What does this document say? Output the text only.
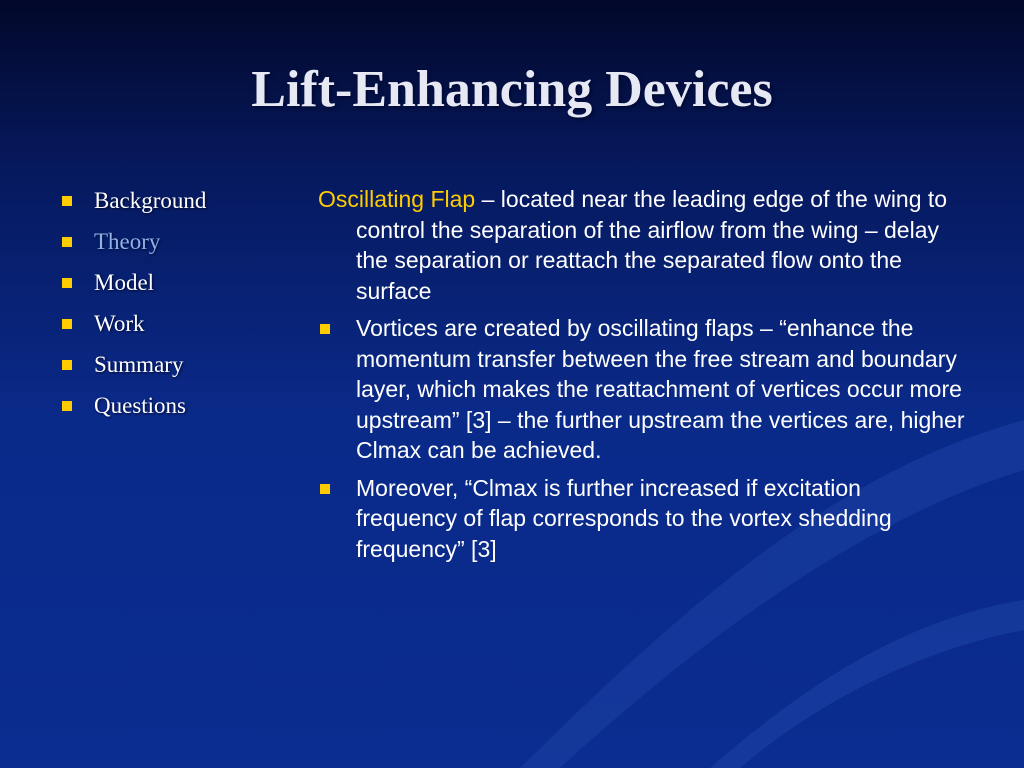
Lift-Enhancing Devices
Background
Theory
Model
Work
Summary
Questions

Oscillating Flap – located near the leading edge of the wing to control the separation of the airflow from the wing – delay the separation or reattach the separated flow onto the surface

Vortices are created by oscillating flaps – “enhance the momentum transfer between the free stream and boundary layer, which makes the reattachment of vertices occur more upstream” [3] – the further upstream the vertices are, higher Clmax can be achieved.
Moreover, “Clmax is further increased if excitation frequency of flap corresponds to the vortex shedding frequency” [3]
